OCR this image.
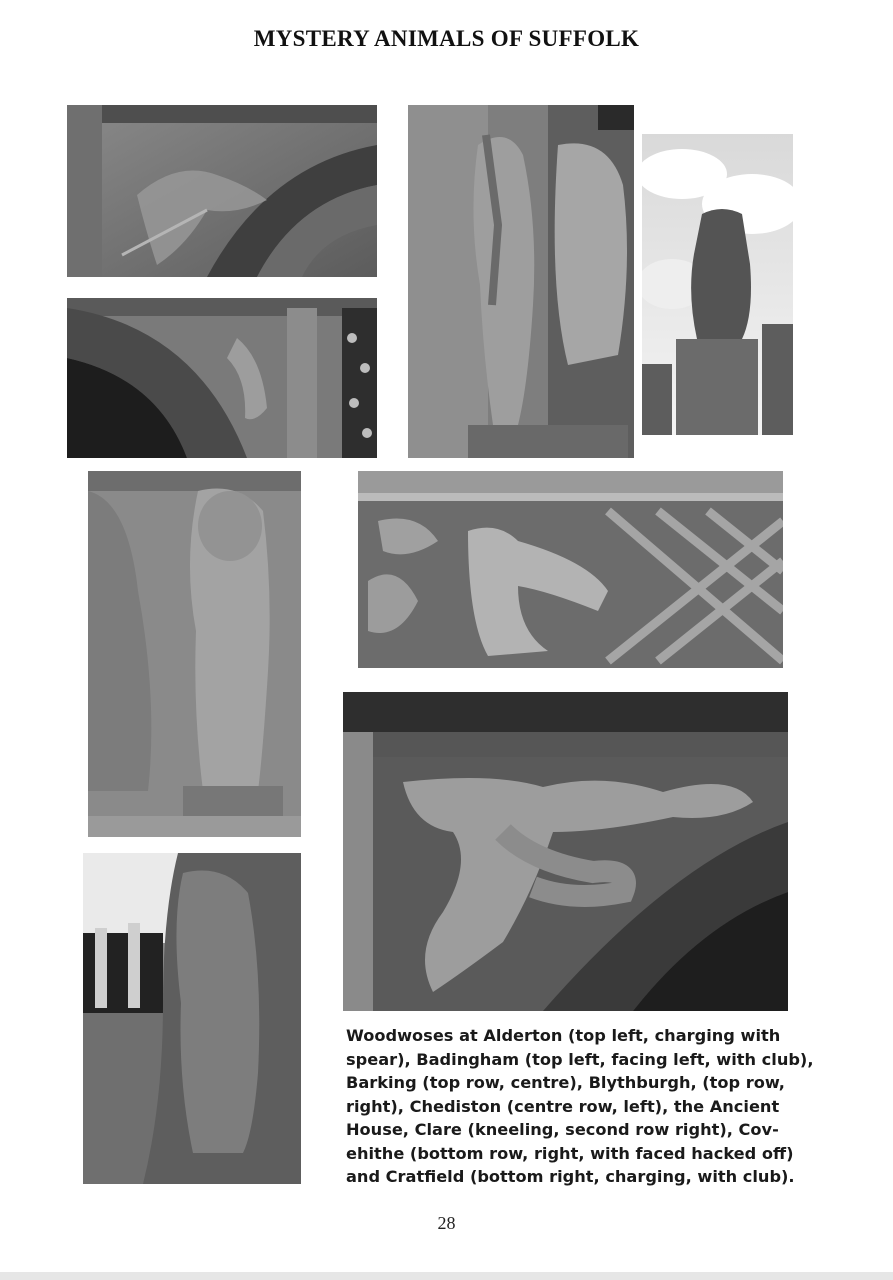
MYSTERY ANIMALS OF SUFFOLK
Woodwoses at Alderton (top left, charging with spear), Badingham (top left, facing left, with club), Barking (top row, centre), Blythburgh, (top row, right), Chediston (centre row, left), the Ancient House, Clare (kneeling, second row right), Cov-ehithe (bottom row, right, with faced hacked off) and Cratfield (bottom right, charging, with club).
28
